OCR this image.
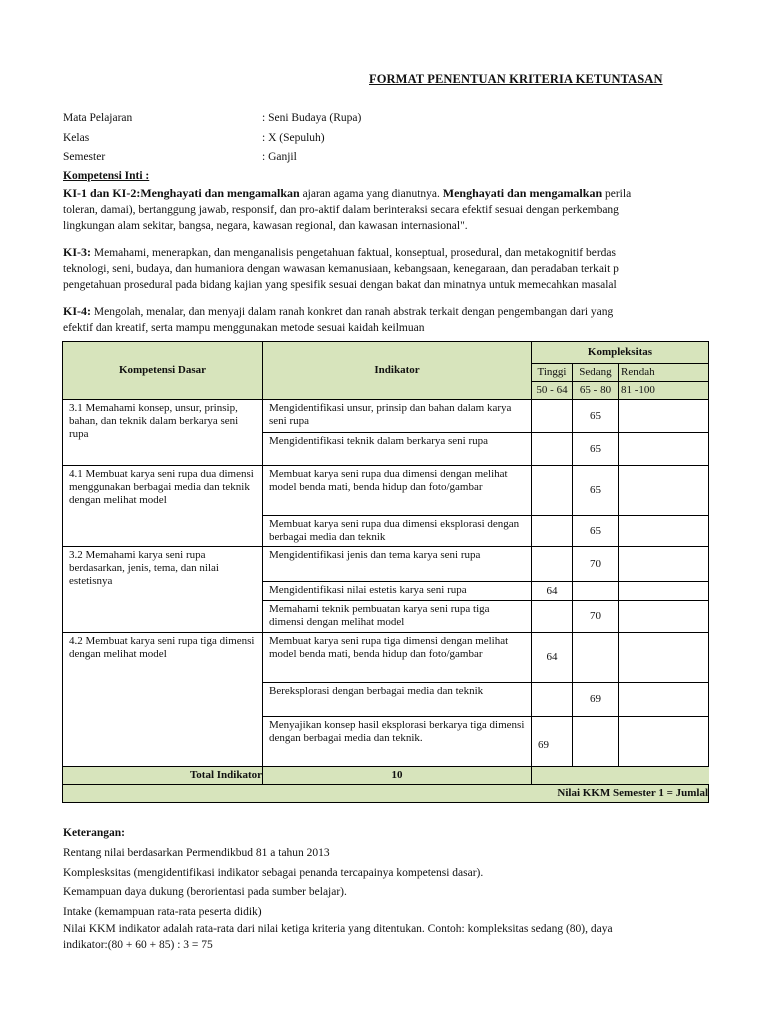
FORMAT PENENTUAN KRITERIA KETUNTASAN
Mata Pelajaran	: Seni Budaya (Rupa)
Kelas	: X (Sepuluh)
Semester	: Ganjil
Kompetensi Inti :
KI-1 dan KI-2:Menghayati dan mengamalkan ajaran agama yang dianutnya. Menghayati dan mengamalkan perila
toleran, damai), bertanggung jawab, responsif, dan pro-aktif dalam berinteraksi secara efektif sesuai dengan perkembang
lingkungan alam sekitar, bangsa, negara, kawasan regional, dan kawasan internasional".
KI-3: Memahami, menerapkan, dan menganalisis pengetahuan faktual, konseptual, prosedural, dan metakognitif berdas
teknologi, seni, budaya, dan humaniora dengan wawasan kemanusiaan, kebangsaan, kenegaraan, dan peradaban terkait p
pengetahuan prosedural pada bidang kajian yang spesifik sesuai dengan bakat dan minatnya untuk memecahkan masalal
KI-4: Mengolah, menalar, dan menyaji dalam ranah konkret dan ranah abstrak terkait dengan pengembangan dari yang
efektif dan kreatif, serta mampu menggunakan metode sesuai kaidah keilmuan
Kompetensi Dasar	Indikator	Kompleksitas		
		Tinggi	Sedang	Rendah
		50 - 64	65 - 80	81 -100
3.1 Memahami konsep, unsur, prinsip, bahan, dan teknik dalam berkarya seni rupa	Mengidentifikasi unsur, prinsip dan bahan dalam karya seni rupa		65	
	Mengidentifikasi teknik dalam berkarya seni rupa		65	
4.1 Membuat karya seni rupa dua dimensi menggunakan berbagai media dan teknik dengan melihat model	Membuat karya seni rupa dua dimensi dengan melihat model benda mati, benda hidup dan foto/gambar		65	
	Membuat karya seni rupa dua dimensi eksplorasi dengan berbagai media dan teknik		65	
3.2 Memahami karya seni rupa berdasarkan, jenis, tema, dan nilai estetisnya	Mengidentifikasi jenis dan tema karya seni rupa		70	
	Mengidentifikasi nilai estetis karya seni rupa	64		
	Memahami teknik pembuatan karya seni rupa tiga dimensi dengan melihat model		70	
4.2 Membuat karya seni rupa tiga dimensi dengan melihat model	Membuat karya seni rupa tiga dimensi dengan melihat model benda mati, benda hidup dan foto/gambar	64		
	Bereksplorasi dengan berbagai media dan teknik		69	
	Menyajikan konsep hasil eksplorasi berkarya tiga dimensi dengan berbagai media dan teknik.	69		
Total Indikator	10			
Nilai KKM Semester 1 = Jumlal				
Keterangan:
Rentang nilai berdasarkan Permendikbud 81 a tahun 2013
Komplesksitas (mengidentifikasi indikator sebagai penanda tercapainya kompetensi dasar).
Kemampuan daya dukung (berorientasi pada sumber belajar).
Intake (kemampuan rata-rata peserta didik)
Nilai KKM indikator adalah rata-rata dari nilai ketiga kriteria yang ditentukan. Contoh: kompleksitas sedang (80), daya
indikator:(80 + 60 + 85) : 3 = 75
